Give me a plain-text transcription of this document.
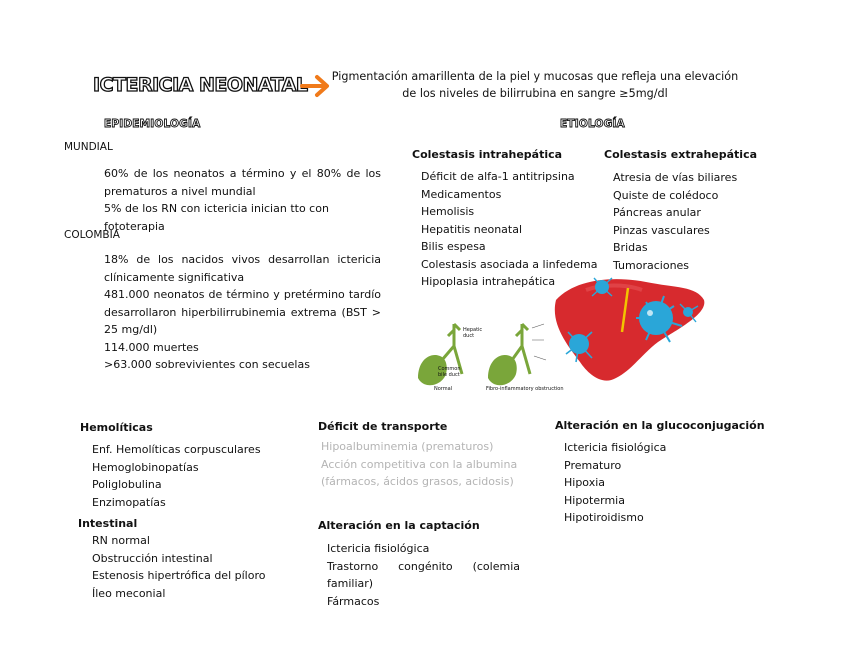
ICTERICIA NEONATAL	Pigmentación amarillenta de la piel y mucosas que refleja una elevación
de los niveles de bilirrubina en sangre ≥5mg/dl
EPIDEMIOLOGÍA
MUNDIAL
60% de los neonatos a término y el 80% de los prematuros a nivel mundial
5% de los RN con ictericia inician tto con fototerapia
COLOMBIA
18% de los nacidos vivos desarrollan ictericia clínicamente significativa
481.000 neonatos de término y pretérmino tardío desarrollaron hiperbilirrubinemia extrema (BST > 25 mg/dl)
114.000 muertes
>63.000 sobrevivientes con secuelas
ETIOLOGÍA
Colestasis intrahepática
Déficit de alfa-1 antitripsina
Medicamentos
Hemolisis
Hepatitis neonatal
Bilis espesa
Colestasis asociada a linfedema
Hipoplasia intrahepática
Colestasis extrahepática
Atresia de vías biliares
Quiste de colédoco
Páncreas anular
Pinzas vasculares
Bridas
Tumoraciones
Hepatic duct
Common bile duct
Normal	Fibro-inflammatory obstruction
Hemolíticas
Enf. Hemolíticas corpusculares
Hemoglobinopatías
Poliglobulina
Enzimopatías
Intestinal
RN normal
Obstrucción intestinal
Estenosis hipertrófica del píloro
Íleo meconial
Déficit de transporte
Hipoalbuminemia (prematuros)
Acción competitiva con la albumina (fármacos, ácidos grasos, acidosis)
Alteración en la captación
Ictericia fisiológica
Trastorno congénito (colemia familiar)
Fármacos
Alteración en la glucoconjugación
Ictericia fisiológica
Prematuro
Hipoxia
Hipotermia
Hipotiroidismo
